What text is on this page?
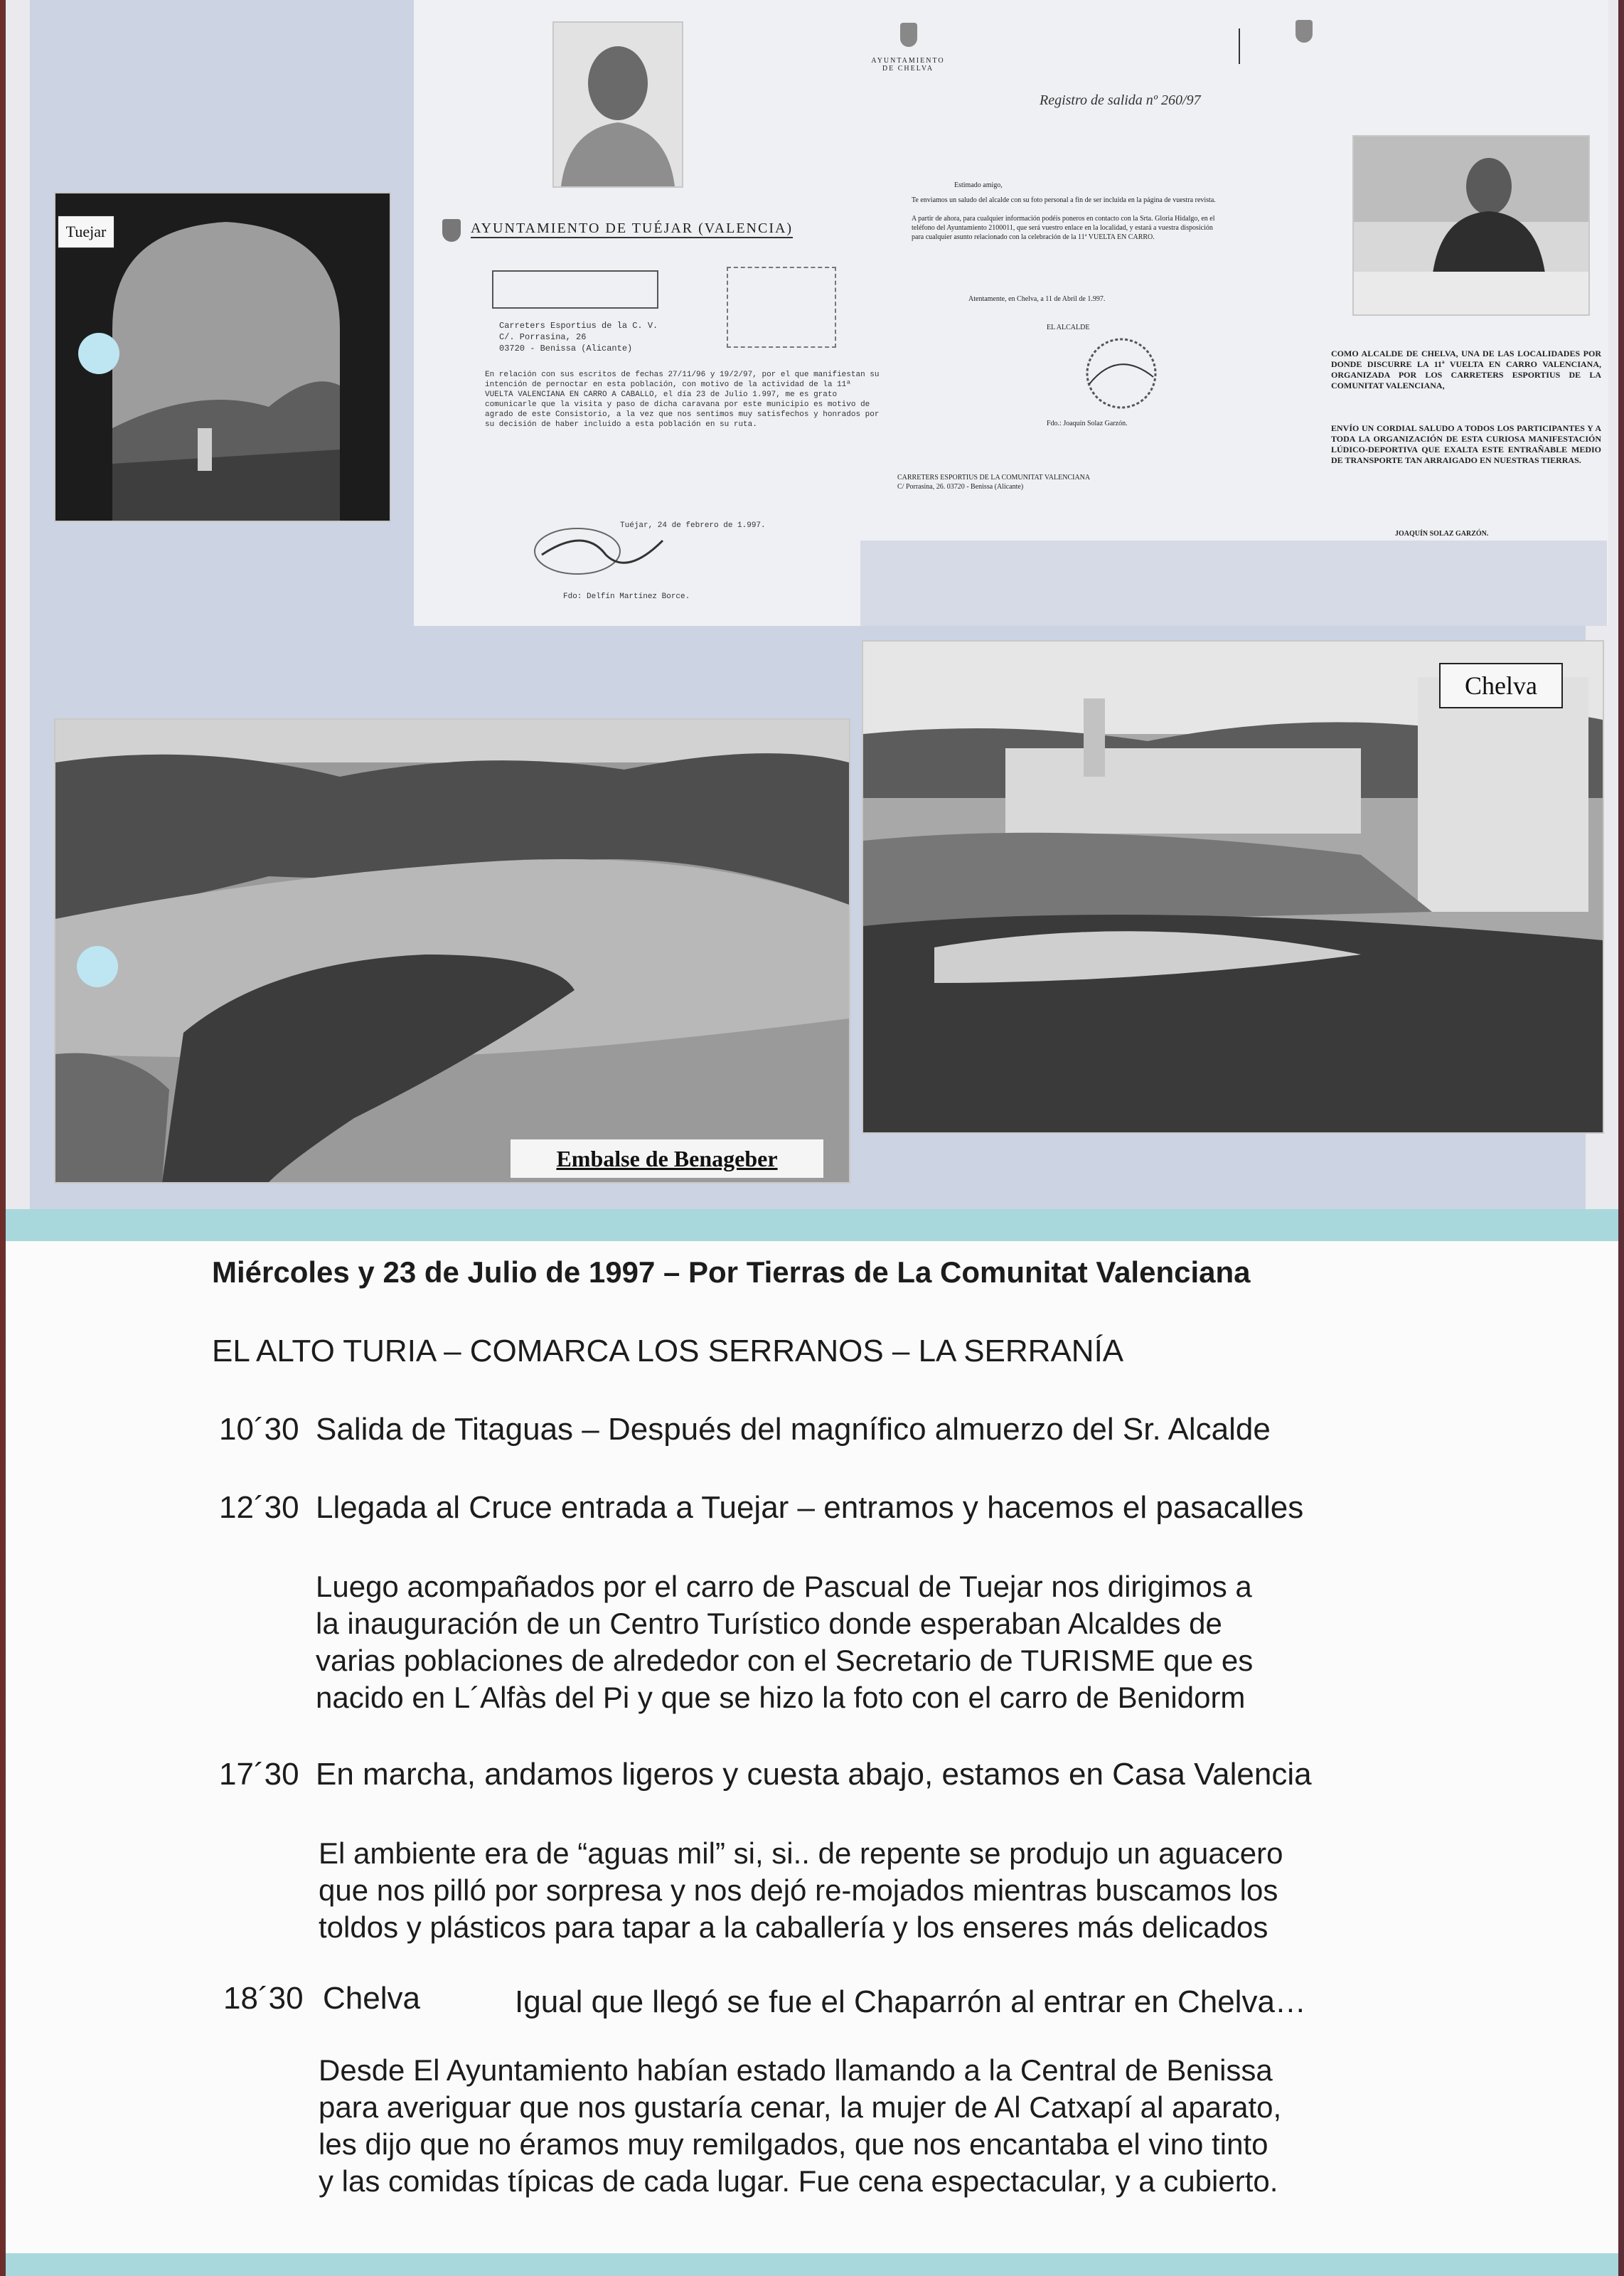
Tuejar	AYUNTAMIENTO DE TUÉJAR (VALENCIA)
Carreters Esportius de la C. V.
C/. Porrasina, 26
03720 - Benissa (Alicante)
En relación con sus escritos de fechas 27/11/96 y 19/2/97, por el que manifiestan su intención de pernoctar en esta población, con motivo de la actividad de la 11ª VUELTA VALENCIANA EN CARRO A CABALLO, el día 23 de Julio 1.997, me es grato comunicarle que la visita y paso de dicha caravana por este municipio es motivo de agrado de este Consistorio, a la vez que nos sentimos muy satisfechos y honrados por su decisión de haber incluido a esta población en su ruta.
Tuéjar, 24 de febrero de 1.997.
Fdo: Delfín Martínez Borce.
AYUNTAMIENTO DE CHELVA
Registro de salida nº 260/97
Estimado amigo,
Te enviamos un saludo del alcalde con su foto personal a fin de ser incluida en la página de vuestra revista.

A partir de ahora, para cualquier información podéis poneros en contacto con la Srta. Gloria Hidalgo, en el teléfono del Ayuntamiento 2100011, que será vuestro enlace en la localidad, y estará a vuestra disposición para cualquier asunto relacionado con la celebración de la 11ª VUELTA EN CARRO.
Atentamente, en Chelva, a 11 de Abril de 1.997.
EL ALCALDE
Fdo.: Joaquín Solaz Garzón.
CARRETERS ESPORTIUS DE LA COMUNITAT VALENCIANA
C/ Porrasina, 26. 03720 - Benissa (Alicante)
COMO ALCALDE DE CHELVA, UNA DE LAS LOCALIDADES POR DONDE DISCURRE LA 11ª VUELTA EN CARRO VALENCIANA, ORGANIZADA POR LOS CARRETERS ESPORTIUS DE LA COMUNITAT VALENCIANA,
ENVÍO UN CORDIAL SALUDO A TODOS LOS PARTICIPANTES Y A TODA LA ORGANIZACIÓN DE ESTA CURIOSA MANIFESTACIÓN LÚDICO-DEPORTIVA QUE EXALTA ESTE ENTRAÑABLE MEDIO DE TRANSPORTE TAN ARRAIGADO EN NUESTRAS TIERRAS.
JOAQUÍN SOLAZ GARZÓN.
Embalse de Benageber
Chelva
Miércoles y 23 de Julio de 1997 – Por Tierras de La Comunitat Valenciana
EL ALTO TURIA – COMARCA LOS SERRANOS – LA SERRANÍA
10´30 Salida de Titaguas – Después del magnífico almuerzo del Sr. Alcalde
12´30 Llegada al Cruce entrada a Tuejar – entramos y hacemos el pasacalles
Luego acompañados por el carro de Pascual de Tuejar nos dirigimos a
la inauguración de un Centro Turístico donde esperaban Alcaldes de
varias poblaciones de alrededor con el Secretario de TURISME que es
nacido en L´Alfàs del Pi y que se hizo la foto con el carro de Benidorm
17´30 En marcha, andamos ligeros y cuesta abajo, estamos en Casa Valencia
El ambiente era de “aguas mil” si, si.. de repente se produjo un aguacero
que nos pilló por sorpresa y nos dejó re-mojados mientras buscamos los
toldos y plásticos para tapar a la caballería y los enseres más delicados
18´30 Chelva	Igual que llegó se fue el Chaparrón al entrar en Chelva…
Desde El Ayuntamiento habían estado llamando a la Central de Benissa
para averiguar que nos gustaría cenar, la mujer de Al Catxapí al aparato,
les dijo que no éramos muy remilgados, que nos encantaba el vino tinto
y las comidas típicas de cada lugar. Fue cena espectacular, y a cubierto.
